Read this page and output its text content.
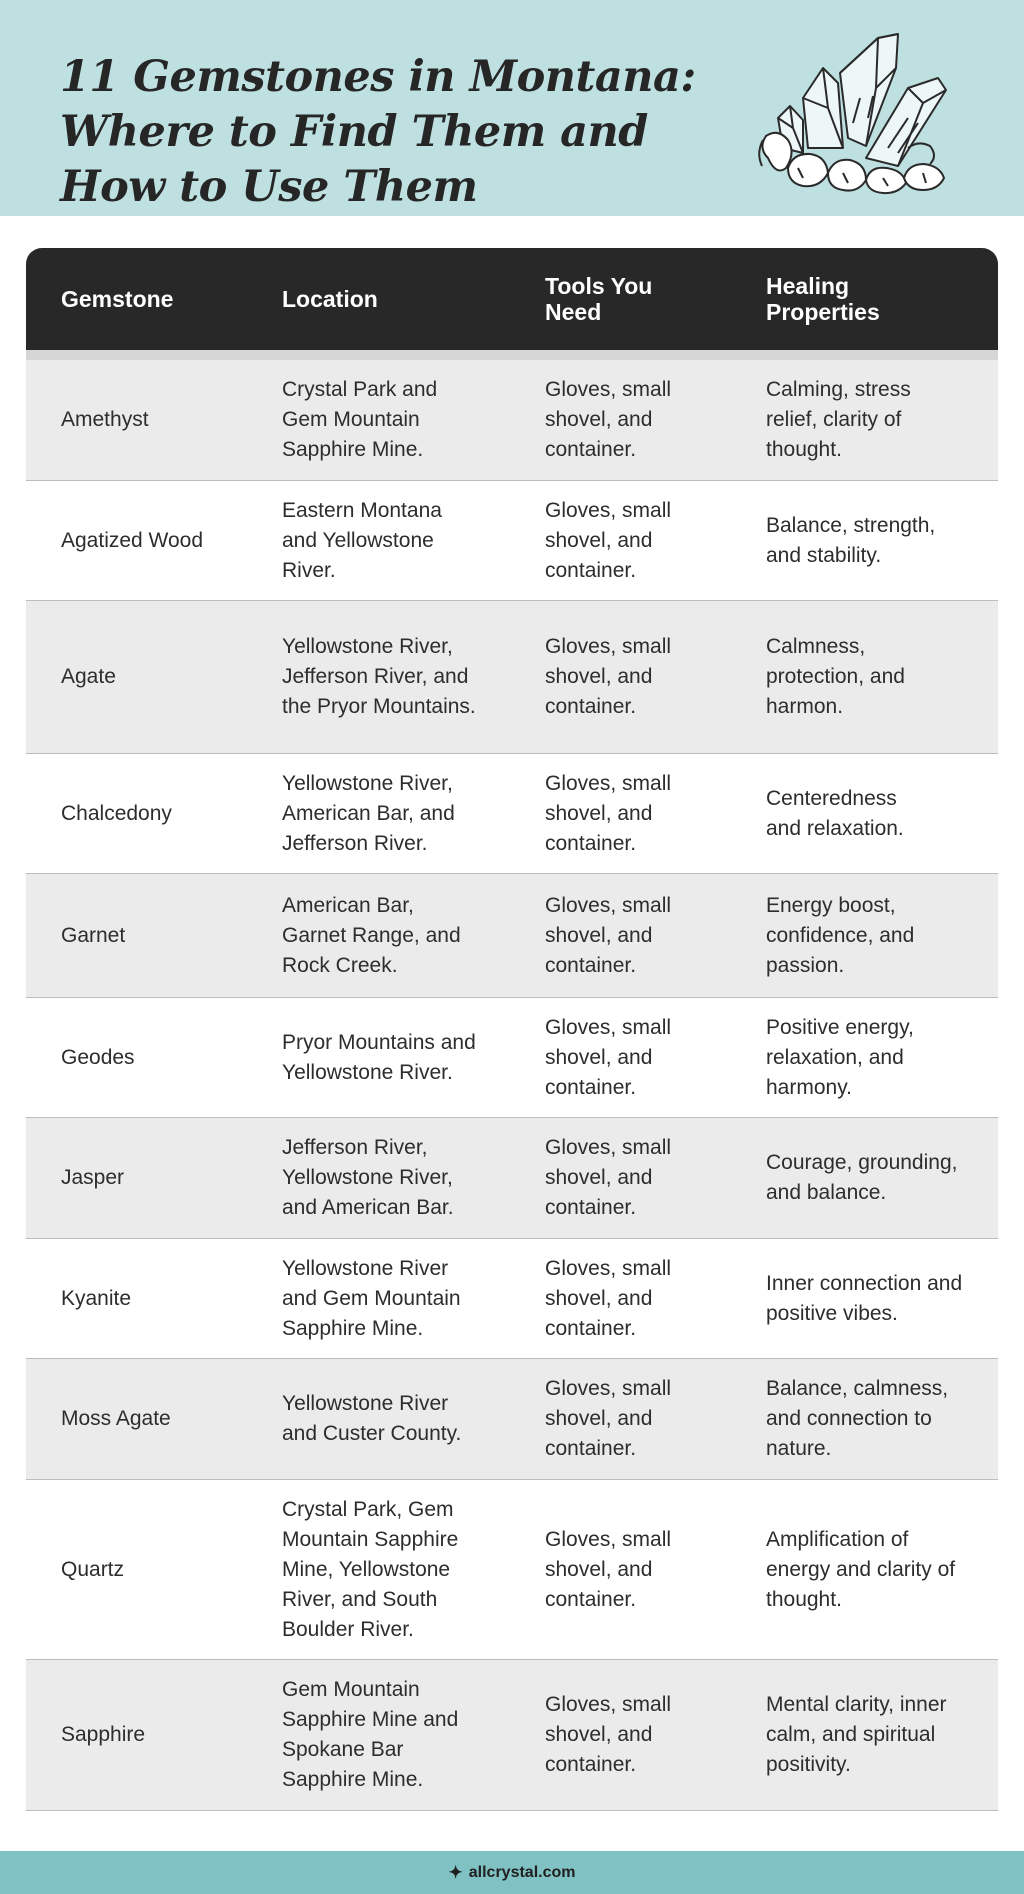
11 Gemstones in Montana: Where to Find Them and How to Use Them
Gemstone	Location	Tools You Need
Healing Properties
Amethyst
Crystal Park and Gem Mountain Sapphire Mine.
Gloves, small shovel, and container.
Calming, stress relief, clarity of thought.
Agatized Wood
Eastern Montana and Yellowstone River.
Gloves, small shovel, and container.
Balance, strength, and stability.
Agate
Yellowstone River, Jefferson River, and the Pryor Mountains.
Gloves, small shovel, and container.
Calmness, protection, and harmon.
Chalcedony
Yellowstone River, American Bar, and Jefferson River.
Gloves, small shovel, and container.
Centeredness and relaxation.
Garnet
American Bar, Garnet Range, and Rock Creek.
Gloves, small shovel, and container.
Energy boost, confidence, and passion.
Geodes
Pryor Mountains and Yellowstone River.
Gloves, small shovel, and container.
Positive energy, relaxation, and harmony.
Jasper
Jefferson River, Yellowstone River, and American Bar.
Gloves, small shovel, and container.
Courage, grounding, and balance.
Kyanite
Yellowstone River and Gem Mountain Sapphire Mine.
Gloves, small shovel, and container.
Inner connection and positive vibes.
Moss Agate
Yellowstone River and Custer County.
Gloves, small shovel, and container.
Balance, calmness, and connection to nature.
Quartz
Crystal Park, Gem Mountain Sapphire Mine, Yellowstone River, and South Boulder River.
Gloves, small shovel, and container.
Amplification of energy and clarity of thought.
Sapphire
Gem Mountain Sapphire Mine and Spokane Bar Sapphire Mine.
Gloves, small shovel, and container.
Mental clarity, inner calm, and spiritual positivity.
✦ allcrystal.com
